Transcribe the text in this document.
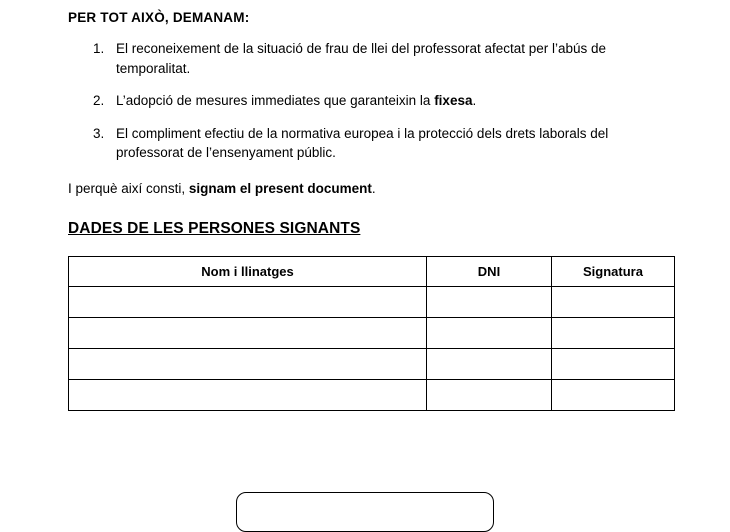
PER TOT AIXÒ, DEMANAM:

1. El reconeixement de la situació de frau de llei del professorat afectat per l’abús de temporalitat.
2. L’adopció de mesures immediates que garanteixin la fixesa.
3. El compliment efectiu de la normativa europea i la protecció dels drets laborals del professorat de l’ensenyament públic.

I perquè així consti, signam el present document.

DADES DE LES PERSONES SIGNANTS

Nom i llinatges	DNI	Signatura
